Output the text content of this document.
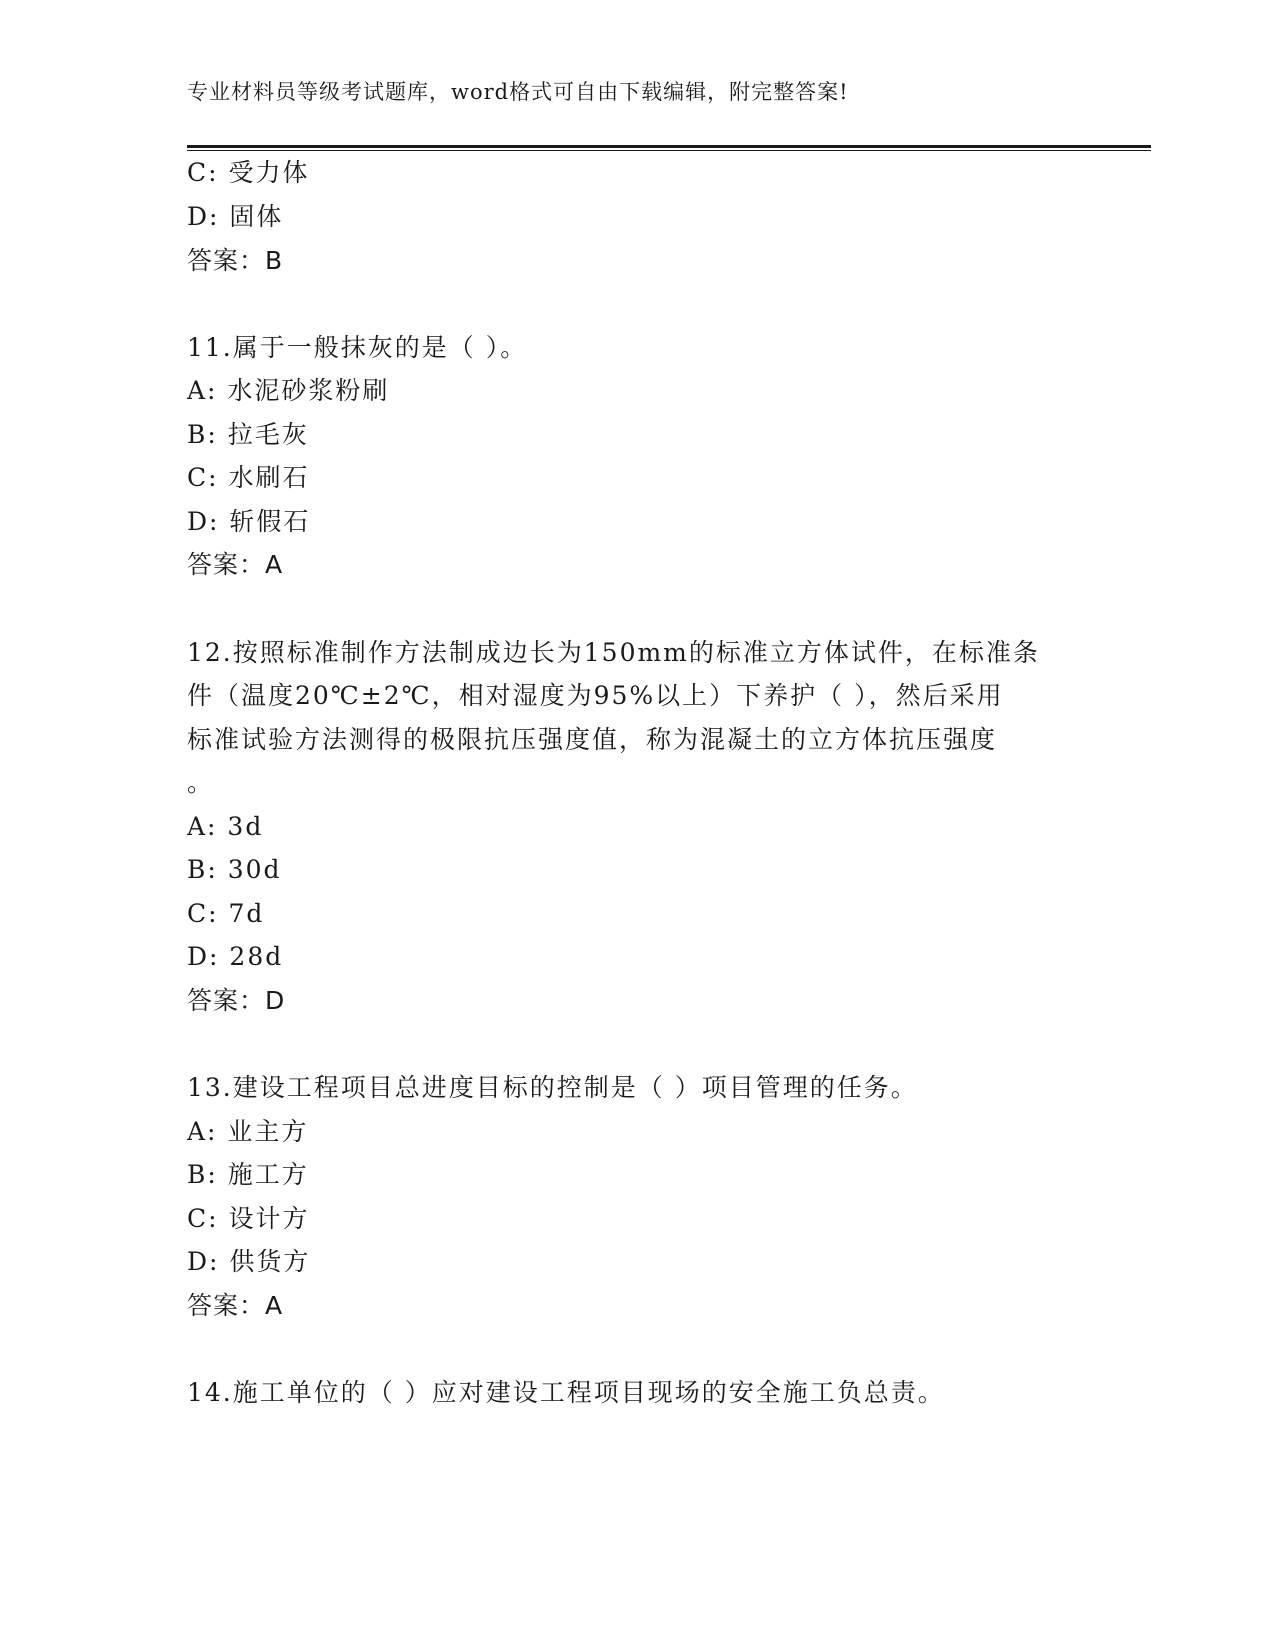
专业材料员等级考试题库，word格式可自由下载编辑，附完整答案!
C: 受力体
D: 固体
答案：B
11.属于一般抹灰的是（ ）。
A: 水泥砂浆粉刷
B: 拉毛灰
C: 水刷石
D: 斩假石
答案：A
12.按照标准制作方法制成边长为150mm的标准立方体试件，在标准条
件（温度20℃±2℃，相对湿度为95%以上）下养护（ ），然后采用
标准试验方法测得的极限抗压强度值，称为混凝土的立方体抗压强度
。
A: 3d
B: 30d
C: 7d
D: 28d
答案：D
13.建设工程项目总进度目标的控制是（ ）项目管理的任务。
A: 业主方
B: 施工方
C: 设计方
D: 供货方
答案：A
14.施工单位的（ ）应对建设工程项目现场的安全施工负总责。
